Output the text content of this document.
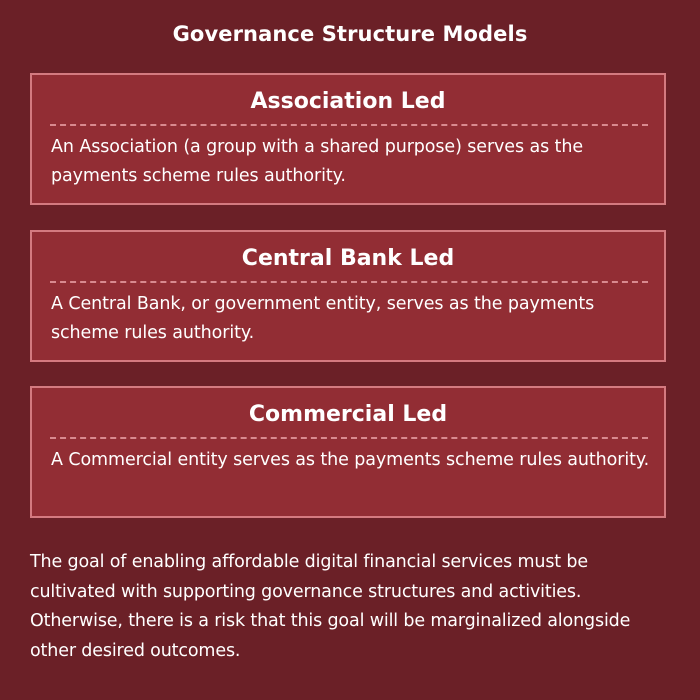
Governance Structure Models
Association Led
An Association (a group with a shared purpose) serves as the payments scheme rules authority.
Central Bank Led
A Central Bank, or government entity, serves as the payments scheme rules authority.
Commercial Led
A Commercial entity serves as the payments scheme rules authority.
The goal of enabling affordable digital financial services must be cultivated with supporting governance structures and activities. Otherwise, there is a risk that this goal will be marginalized alongside other desired outcomes.
